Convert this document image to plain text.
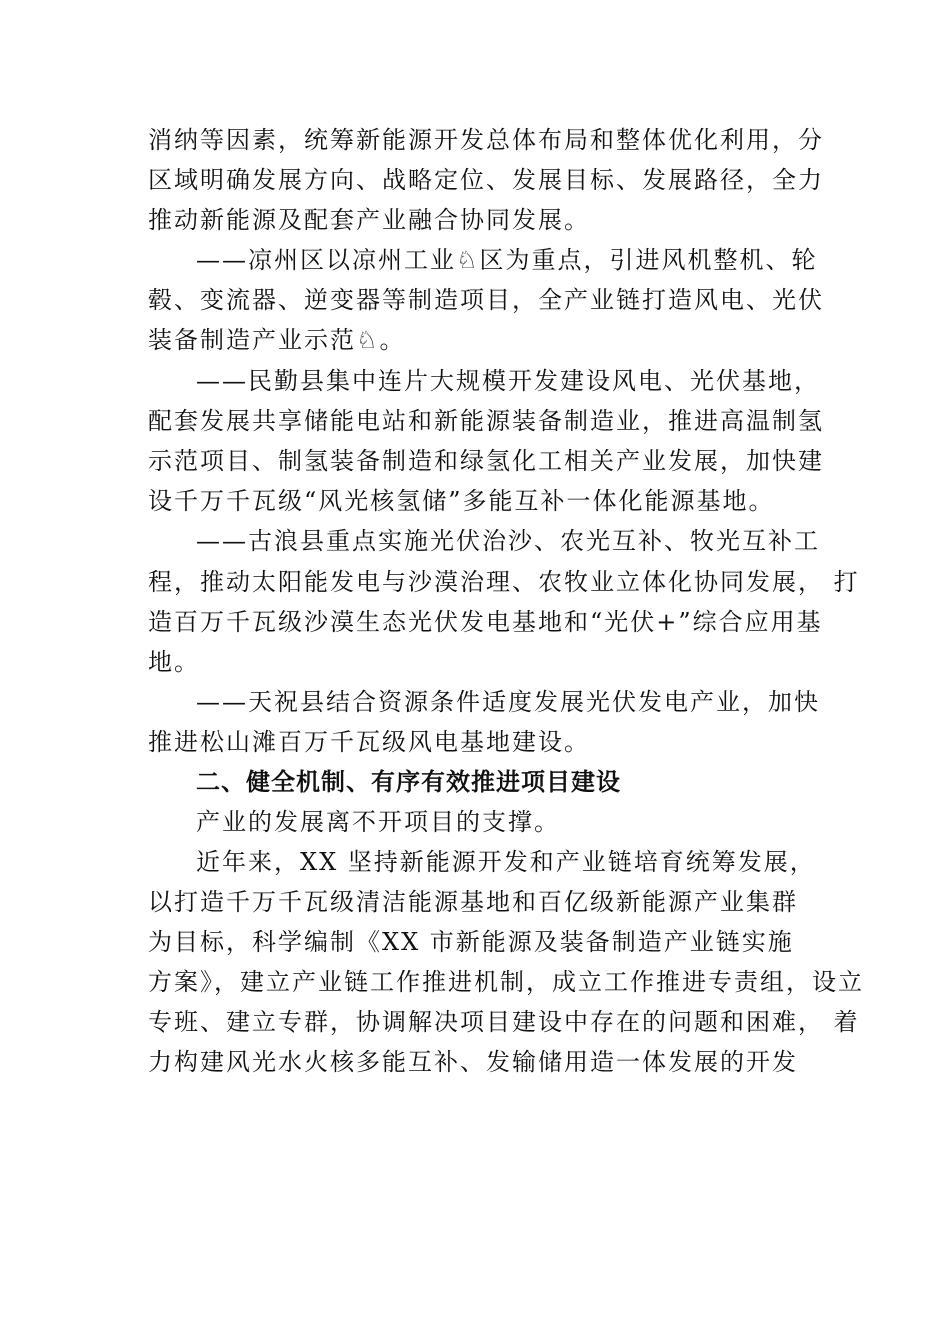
消纳等因素，统筹新能源开发总体布局和整体优化利用，分
区域明确发展方向、战略定位、发展目标、发展路径，全力
推动新能源及配套产业融合协同发展。
——凉州区以凉州工业♘区为重点，引进风机整机、轮
毂、变流器、逆变器等制造项目，全产业链打造风电、光伏
装备制造产业示范♘。
——民勤县集中连片大规模开发建设风电、光伏基地，
配套发展共享储能电站和新能源装备制造业，推进高温制氢
示范项目、制氢装备制造和绿氢化工相关产业发展，加快建
设千万千瓦级“风光核氢储”多能互补一体化能源基地。
——古浪县重点实施光伏治沙、农光互补、牧光互补工
程，推动太阳能发电与沙漠治理、农牧业立体化协同发展， 打
造百万千瓦级沙漠生态光伏发电基地和“光伏+”综合应用基
地。
——天祝县结合资源条件适度发展光伏发电产业，加快
推进松山滩百万千瓦级风电基地建设。
二、健全机制、有序有效推进项目建设
产业的发展离不开项目的支撑。
近年来，XX 坚持新能源开发和产业链培育统筹发展，
以打造千万千瓦级清洁能源基地和百亿级新能源产业集群
为目标，科学编制《XX 市新能源及装备制造产业链实施
方案》，建立产业链工作推进机制，成立工作推进专责组，设立
专班、建立专群，协调解决项目建设中存在的问题和困难， 着
力构建风光水火核多能互补、发输储用造一体发展的开发
